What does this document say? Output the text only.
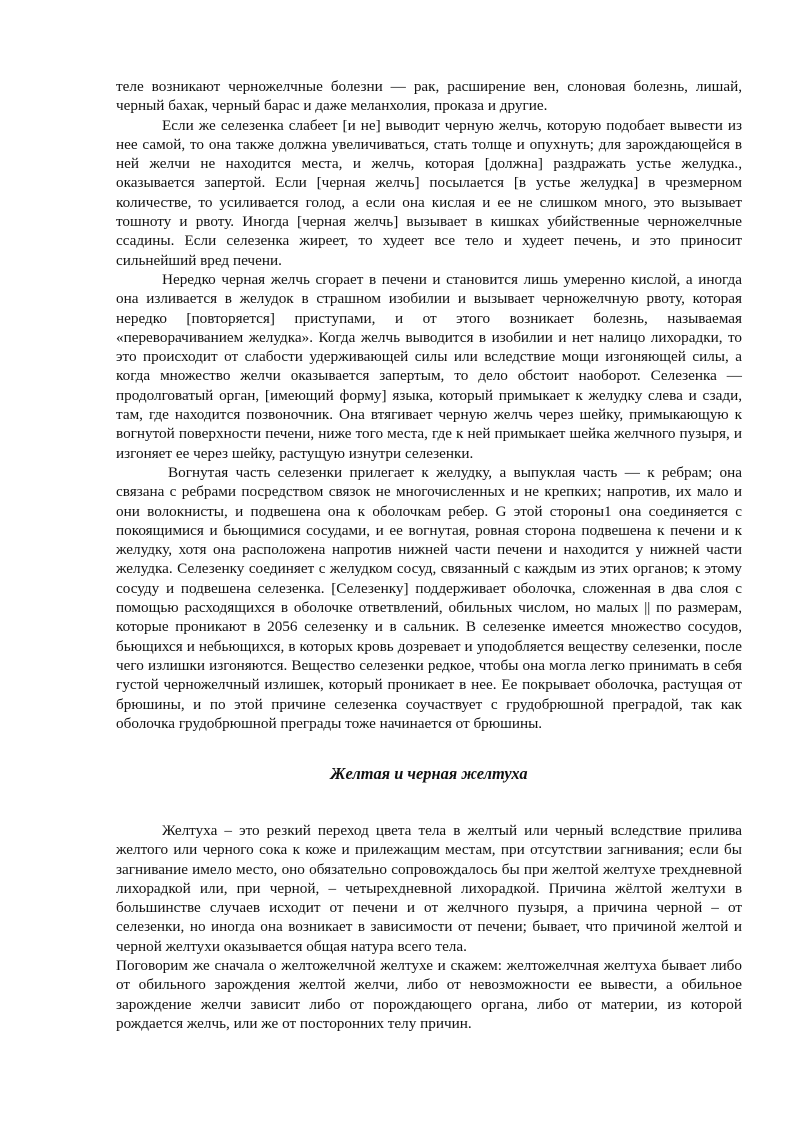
теле возникают черножелчные болезни — рак, расширение вен, слоновая болезнь, лишай, черный бахак, черный барас и даже меланхолия, проказа и другие.

Если же селезенка слабеет [и не] выводит черную желчь, которую подобает вывести из нее самой, то она также должна увеличиваться, стать толще и опухнуть; для зарождающейся в ней желчи не находится места, и желчь, которая [должна] раздражать устье желудка., оказывается запертой. Если [черная желчь] посылается [в устье желудка] в чрезмерном количестве, то усиливается голод, а если она кислая и ее не слишком много, это вызывает тошноту и рвоту. Иногда [черная желчь] вызывает в кишках убийственные черножелчные ссадины. Если селезенка жиреет, то худеет все тело и худеет печень, и это приносит сильнейший вред печени.

Нередко черная желчь сгорает в печени и становится лишь умеренно кислой, а иногда она изливается в желудок в страшном изобилии и вызывает черножелчную рвоту, которая нередко [повторяется] приступами, и от этого возникает болезнь, называемая «переворачиванием желудка». Когда желчь выводится в изобилии и нет налицо лихорадки, то это происходит от слабости удерживающей силы или вследствие мощи изгоняющей силы, а когда множество желчи оказывается запертым, то дело обстоит наоборот. Селезенка — продолговатый орган, [имеющий форму] языка, который примыкает к желудку слева и сзади, там, где находится позвоночник. Она втягивает черную желчь через шейку, примыкающую к вогнутой поверхности печени, ниже того места, где к ней примыкает шейка желчного пузыря, и изгоняет ее через шейку, растущую изнутри селезенки.

Вогнутая часть селезенки прилегает к желудку, а выпуклая часть — к ребрам; она связана с ребрами посредством связок не многочисленных и не крепких; напротив, их мало и они волокнисты, и подвешена она к оболочкам ребер. G этой стороны1 она соединяется с покоящимися и бьющимися сосудами, и ее вогнутая, ровная сторона подвешена к печени и к желудку, хотя она расположена напротив нижней части печени и находится у нижней части желудка. Селезенку соединяет с желудком сосуд, связанный с каждым из этих органов; к этому сосуду и подвешена селезенка. [Селезенку] поддерживает оболочка, сложенная в два слоя с помощью расходящихся в оболочке ответвлений, обильных числом, но малых || по размерам, которые проникают в 2056 селезенку и в сальник. В селезенке имеется множество сосудов, бьющихся и небьющихся, в которых кровь дозревает и уподобляется веществу селезенки, после чего излишки изгоняются. Вещество селезенки редкое, чтобы она могла легко принимать в себя густой черножелчный излишек, который проникает в нее. Ее покрывает оболочка, растущая от брюшины, и по этой причине селезенка соучаствует с грудобрюшной преградой, так как оболочка грудобрюшной преграды тоже начинается от брюшины.

Желтая и черная желтуха

Желтуха – это резкий переход цвета тела в желтый или черный вследствие прилива желтого или черного сока к коже и прилежащим местам, при отсутствии загнивания; если бы загнивание имело место, оно обязательно сопровождалось бы при желтой желтухе трехдневной лихорадкой или, при черной, – четырехдневной лихорадкой. Причина жёлтой желтухи в большинстве случаев исходит от печени и от желчного пузыря, а причина черной – от селезенки, но иногда она возникает в зависимости от печени; бывает, что причиной желтой и черной желтухи оказывается общая натура всего тела.

Поговорим же сначала о желтожелчной желтухе и скажем: желтожелчная желтуха бывает либо от обильного зарождения желтой желчи, либо от невозможности ее вывести, а обильное зарождение желчи зависит либо от порождающего органа, либо от материи, из которой рождается желчь, или же от посторонних телу причин.
